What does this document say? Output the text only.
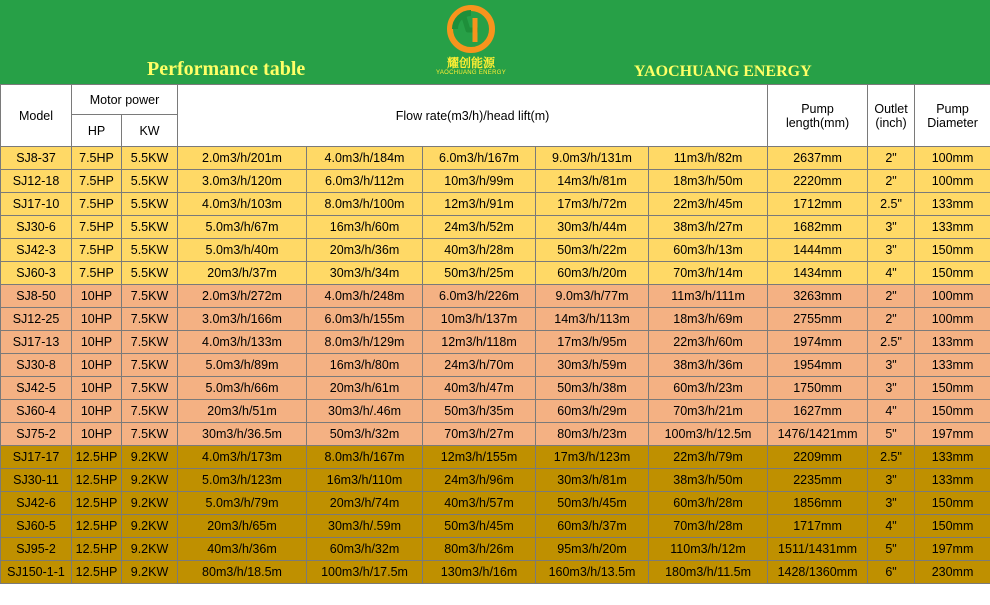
耀创能源
YAOCHUANG ENERGY
Performance table	YAOCHUANG ENERGY
Model	Motor power		Flow rate(m3/h)/head lift(m)					Pump length(mm)	Outlet (inch)	Pump Diameter
	HP	KW								
SJ8-37	7.5HP	5.5KW	2.0m3/h/201m	4.0m3/h/184m	6.0m3/h/167m	9.0m3/h/131m	11m3/h/82m	2637mm	2"	100mm
SJ12-18	7.5HP	5.5KW	3.0m3/h/120m	6.0m3/h/112m	10m3/h/99m	14m3/h/81m	18m3/h/50m	2220mm	2"	100mm
SJ17-10	7.5HP	5.5KW	4.0m3/h/103m	8.0m3/h/100m	12m3/h/91m	17m3/h/72m	22m3/h/45m	1712mm	2.5"	133mm
SJ30-6	7.5HP	5.5KW	5.0m3/h/67m	16m3/h/60m	24m3/h/52m	30m3/h/44m	38m3/h/27m	1682mm	3"	133mm
SJ42-3	7.5HP	5.5KW	5.0m3/h/40m	20m3/h/36m	40m3/h/28m	50m3/h/22m	60m3/h/13m	1444mm	3"	150mm
SJ60-3	7.5HP	5.5KW	20m3/h/37m	30m3/h/34m	50m3/h/25m	60m3/h/20m	70m3/h/14m	1434mm	4"	150mm
SJ8-50	10HP	7.5KW	2.0m3/h/272m	4.0m3/h/248m	6.0m3/h/226m	9.0m3/h/77m	11m3/h/111m	3263mm	2"	100mm
SJ12-25	10HP	7.5KW	3.0m3/h/166m	6.0m3/h/155m	10m3/h/137m	14m3/h/113m	18m3/h/69m	2755mm	2"	100mm
SJ17-13	10HP	7.5KW	4.0m3/h/133m	8.0m3/h/129m	12m3/h/118m	17m3/h/95m	22m3/h/60m	1974mm	2.5"	133mm
SJ30-8	10HP	7.5KW	5.0m3/h/89m	16m3/h/80m	24m3/h/70m	30m3/h/59m	38m3/h/36m	1954mm	3"	133mm
SJ42-5	10HP	7.5KW	5.0m3/h/66m	20m3/h/61m	40m3/h/47m	50m3/h/38m	60m3/h/23m	1750mm	3"	150mm
SJ60-4	10HP	7.5KW	20m3/h/51m	30m3/h/.46m	50m3/h/35m	60m3/h/29m	70m3/h/21m	1627mm	4"	150mm
SJ75-2	10HP	7.5KW	30m3/h/36.5m	50m3/h/32m	70m3/h/27m	80m3/h/23m	100m3/h/12.5m	1476/1421mm	5"	197mm
SJ17-17	12.5HP	9.2KW	4.0m3/h/173m	8.0m3/h/167m	12m3/h/155m	17m3/h/123m	22m3/h/79m	2209mm	2.5"	133mm
SJ30-11	12.5HP	9.2KW	5.0m3/h/123m	16m3/h/110m	24m3/h/96m	30m3/h/81m	38m3/h/50m	2235mm	3"	133mm
SJ42-6	12.5HP	9.2KW	5.0m3/h/79m	20m3/h/74m	40m3/h/57m	50m3/h/45m	60m3/h/28m	1856mm	3"	150mm
SJ60-5	12.5HP	9.2KW	20m3/h/65m	30m3/h/.59m	50m3/h/45m	60m3/h/37m	70m3/h/28m	1717mm	4"	150mm
SJ95-2	12.5HP	9.2KW	40m3/h/36m	60m3/h/32m	80m3/h/26m	95m3/h/20m	110m3/h/12m	1511/1431mm	5"	197mm
SJ150-1-1	12.5HP	9.2KW	80m3/h/18.5m	100m3/h/17.5m	130m3/h/16m	160m3/h/13.5m	180m3/h/11.5m	1428/1360mm	6"	230mm
